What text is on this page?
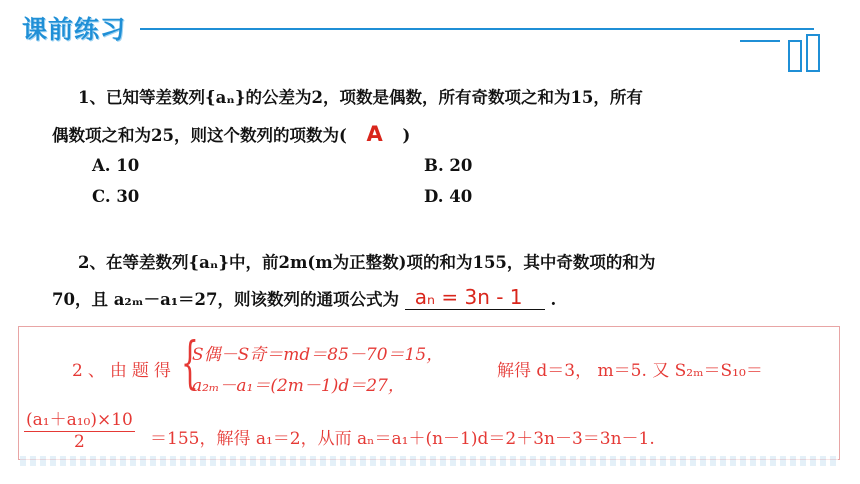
课前练习
1、已知等差数列{aₙ}的公差为2，项数是偶数，所有奇数项之和为15，所有
偶数项之和为25，则这个数列的项数为( A )
A. 10	B. 20
C. 30	D. 40
2、在等差数列{aₙ}中，前2m(m为正整数)项的和为155，其中奇数项的和为
70，且 a₂ₘ－a₁＝27，则该数列的通项公式为 aₙ = 3n - 1 .
2、由题得 {
S偶－S奇＝md＝85－70＝15，
a₂ₘ－a₁＝(2m－1)d＝27，
解得 d＝3， m＝5. 又 S₂ₘ＝S₁₀＝
$\frac{\text{(a₁＋a₁₀)×10}}{2} =155$，解得 a₁＝2，从而 aₙ＝a₁＋(n－1)d＝2＋3n－3＝3n－1.
